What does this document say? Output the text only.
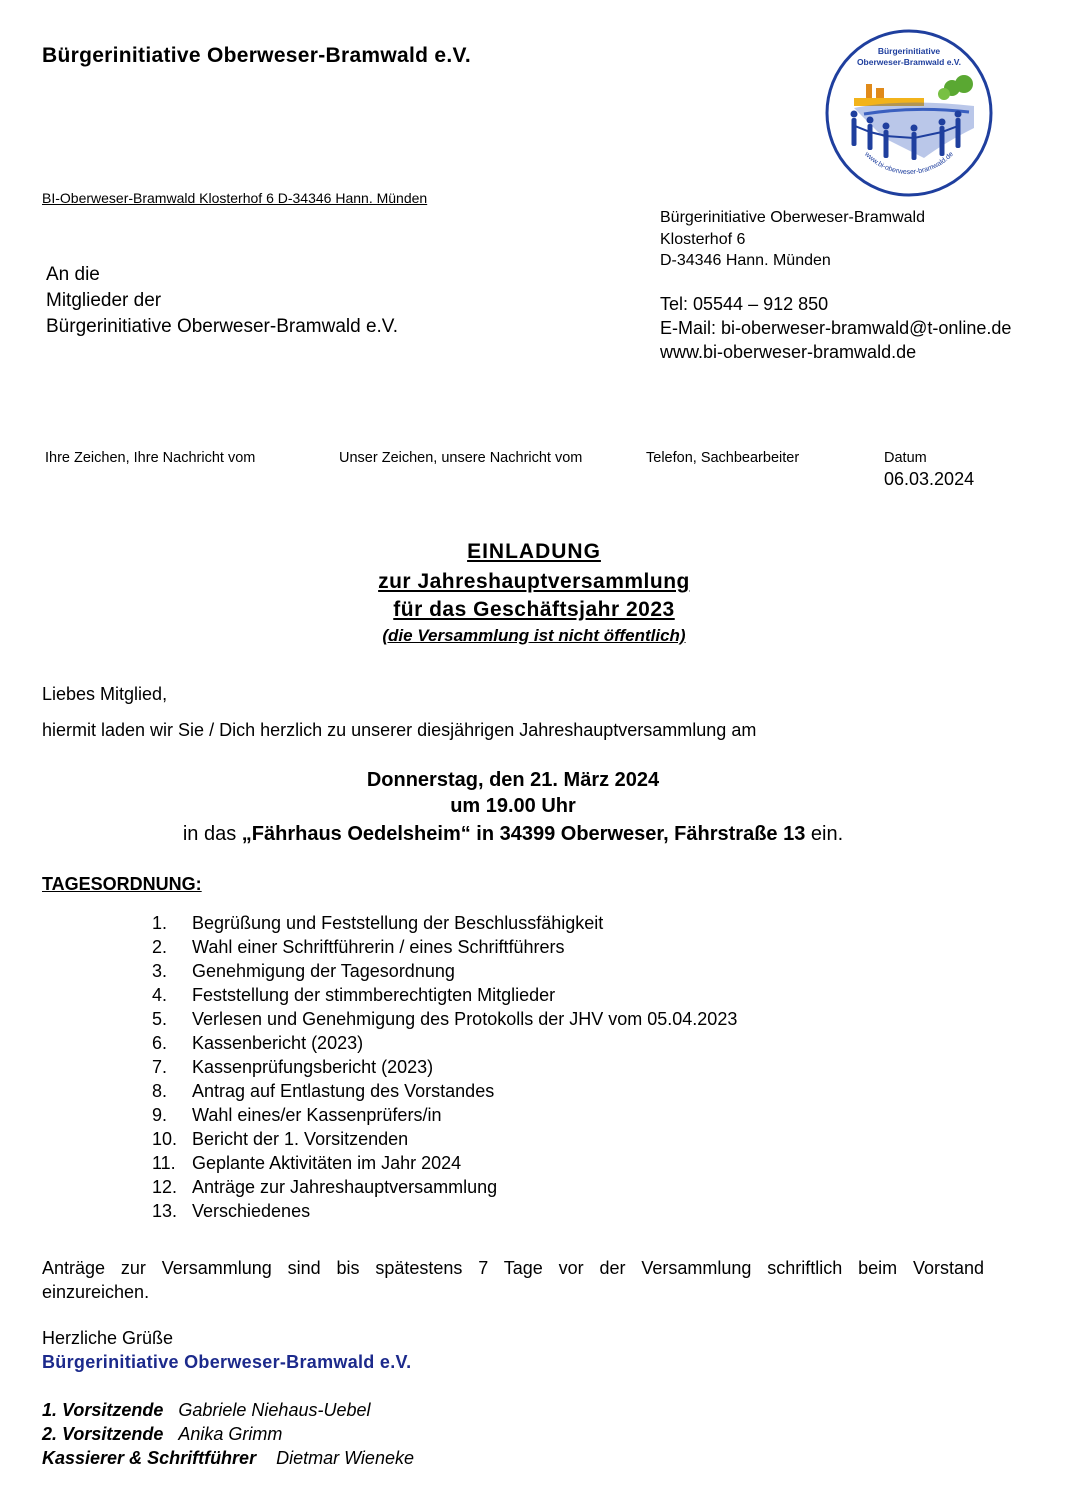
Bürgerinitiative Oberweser-Bramwald e.V.
BI-Oberweser-Bramwald Klosterhof 6 D-34346 Hann. Münden
Bürgerinitiative
Oberweser-Bramwald e.V.
www.bi-oberweser-bramwald.de
An die
Mitglieder der
Bürgerinitiative Oberweser-Bramwald e.V.
Bürgerinitiative Oberweser-Bramwald
Klosterhof 6
D-34346 Hann. Münden
Tel: 05544 – 912 850
E-Mail: bi-oberweser-bramwald@t-online.de
www.bi-oberweser-bramwald.de
Ihre Zeichen, Ihre Nachricht vom	Unser Zeichen, unsere Nachricht vom	Telefon, Sachbearbeiter	Datum
06.03.2024
EINLADUNG
zur Jahreshauptversammlung
für das Geschäftsjahr 2023
(die Versammlung ist nicht öffentlich)
Liebes Mitglied,
hiermit laden wir Sie / Dich herzlich zu unserer diesjährigen Jahreshauptversammlung am
Donnerstag, den 21. März 2024
um 19.00 Uhr
in das „Fährhaus Oedelsheim“ in 34399 Oberweser, Fährstraße 13 ein.
TAGESORDNUNG:
1.	Begrüßung und Feststellung der Beschlussfähigkeit
2.	Wahl einer Schriftführerin / eines Schriftführers
3.	Genehmigung der Tagesordnung
4.	Feststellung der stimmberechtigten Mitglieder
5.	Verlesen und Genehmigung des Protokolls der JHV vom 05.04.2023
6.	Kassenbericht (2023)
7.	Kassenprüfungsbericht (2023)
8.	Antrag auf Entlastung des Vorstandes
9.	Wahl eines/er Kassenprüfers/in
10. Bericht der 1. Vorsitzenden
11. Geplante Aktivitäten im Jahr 2024
12. Anträge zur Jahreshauptversammlung
13. Verschiedenes
Anträge zur Versammlung sind bis spätestens 7 Tage vor der Versammlung schriftlich beim Vorstand einzureichen.
Herzliche Grüße
Bürgerinitiative Oberweser-Bramwald e.V.
1. Vorsitzende Gabriele Niehaus-Uebel
2. Vorsitzende Anika Grimm
Kassierer & Schriftführer Dietmar Wieneke
